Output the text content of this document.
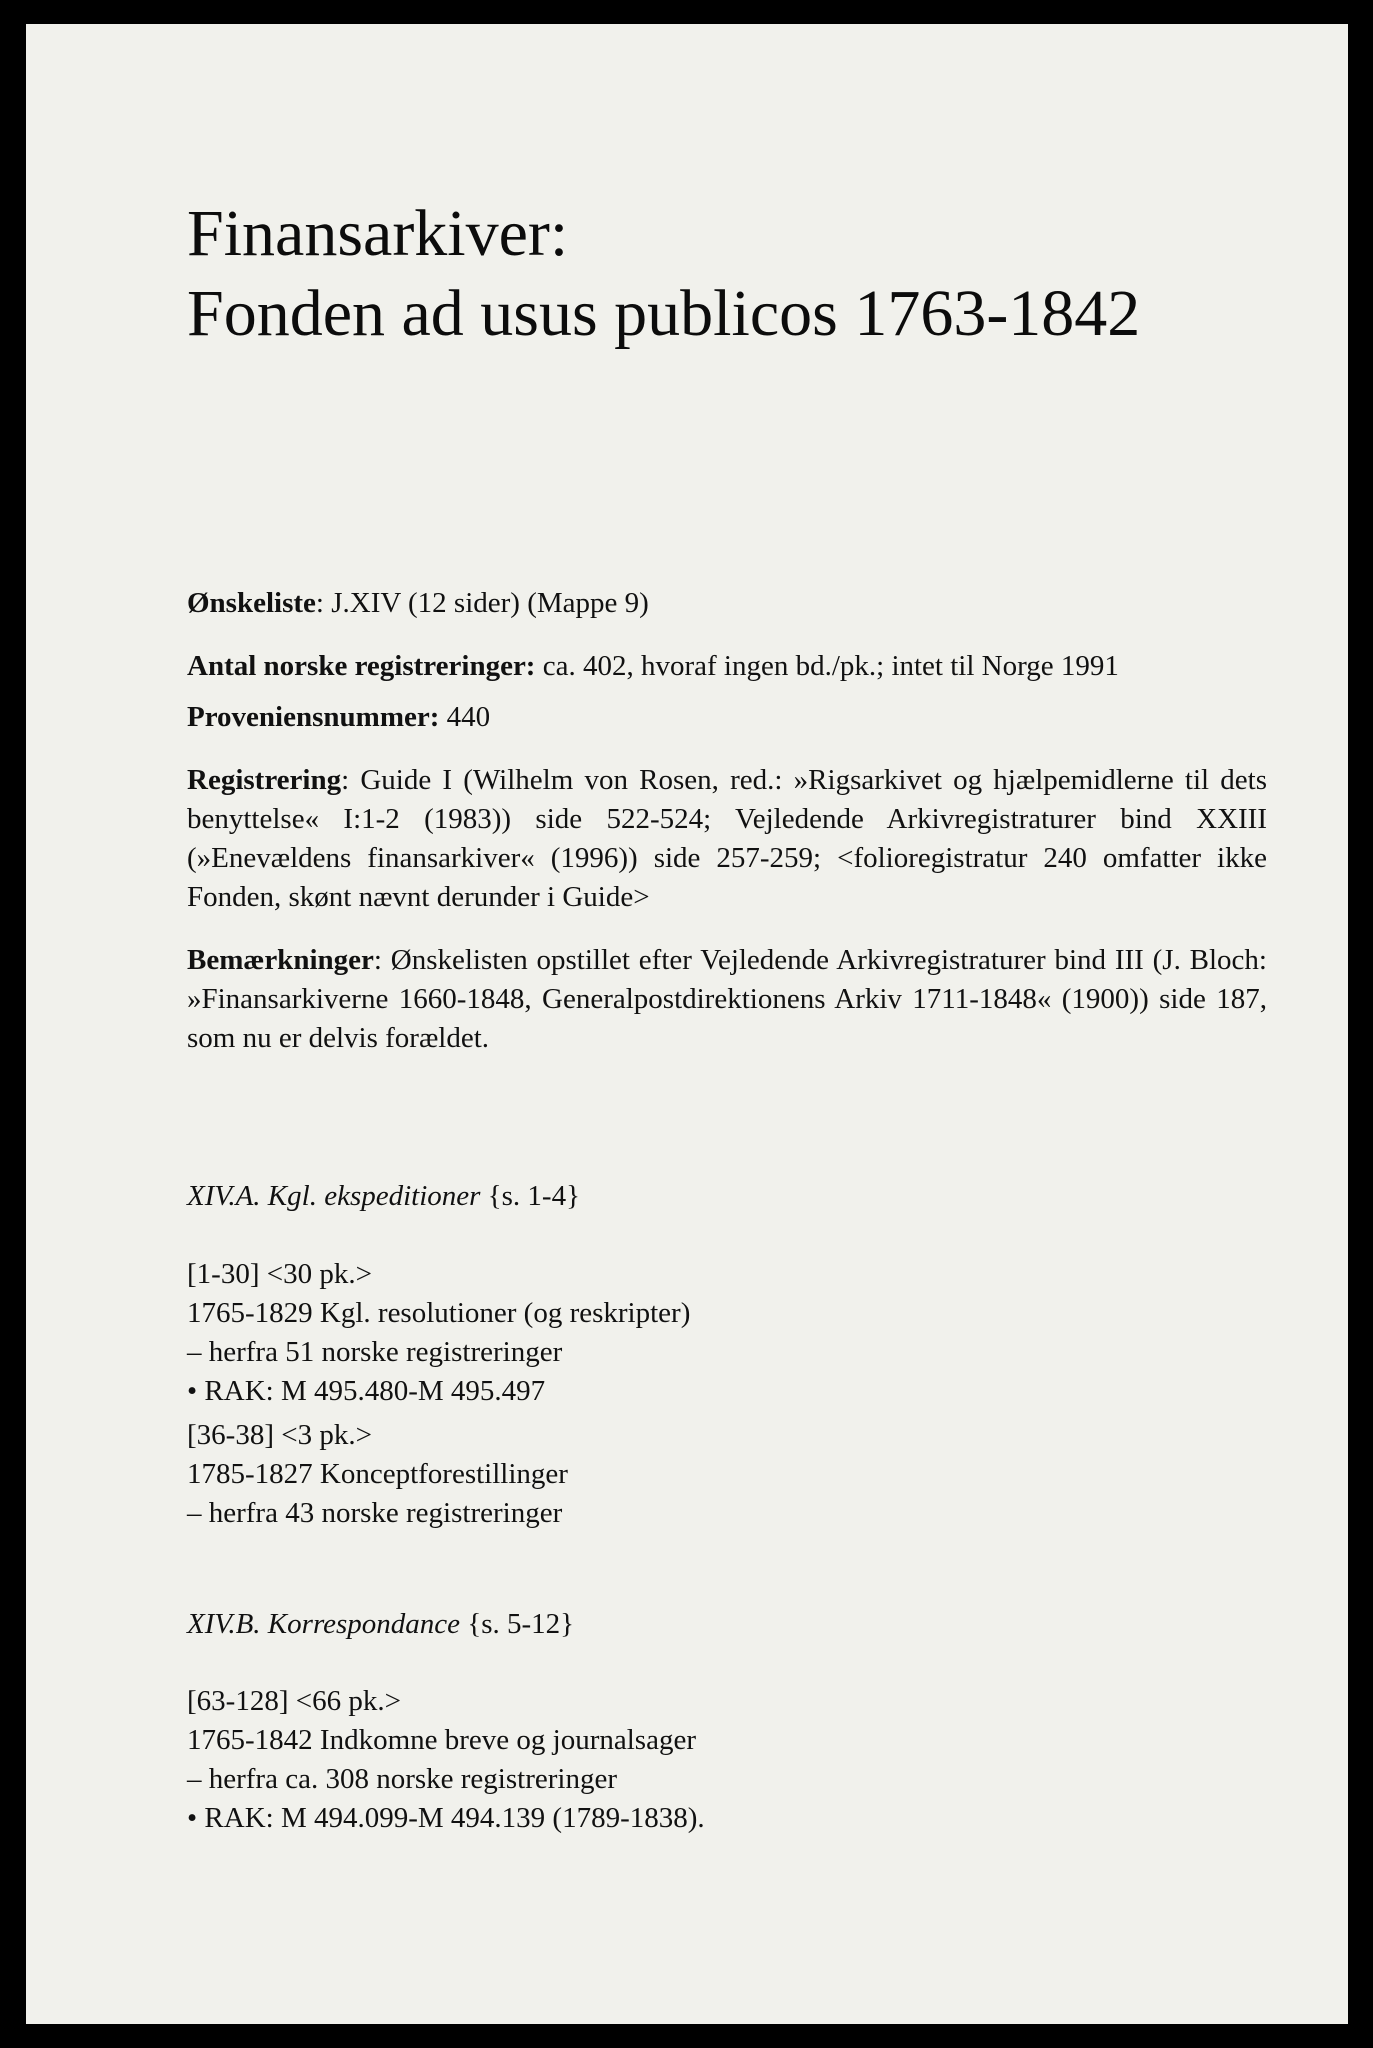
Finansarkiver:
Fonden ad usus publicos 1763-1842

Ønskeliste: J.XIV (12 sider) (Mappe 9)

Antal norske registreringer: ca. 402, hvoraf ingen bd./pk.; intet til Norge 1991

Proveniensnummer: 440

Registrering: Guide I (Wilhelm von Rosen, red.: »Rigsarkivet og hjælpemidlerne til dets benyttelse« I:1-2 (1983)) side 522-524; Vejledende Arkivregistraturer bind XXIII (»Enevældens finansarkiver« (1996)) side 257-259; <folioregistratur 240 omfatter ikke Fonden, skønt nævnt derunder i Guide>

Bemærkninger: Ønskelisten opstillet efter Vejledende Arkivregistraturer bind III (J. Bloch: »Finansarkiverne 1660-1848, Generalpostdirektionens Arkiv 1711-1848« (1900)) side 187, som nu er delvis forældet.

XIV.A. Kgl. ekspeditioner {s. 1-4}
[1-30] <30 pk.>
1765-1829 Kgl. resolutioner (og reskripter)
– herfra 51 norske registreringer
• RAK: M 495.480-M 495.497
[36-38] <3 pk.>
1785-1827 Konceptforestillinger
– herfra 43 norske registreringer
XIV.B. Korrespondance {s. 5-12}
[63-128] <66 pk.>
1765-1842 Indkomne breve og journalsager
– herfra ca. 308 norske registreringer
• RAK: M 494.099-M 494.139 (1789-1838).
